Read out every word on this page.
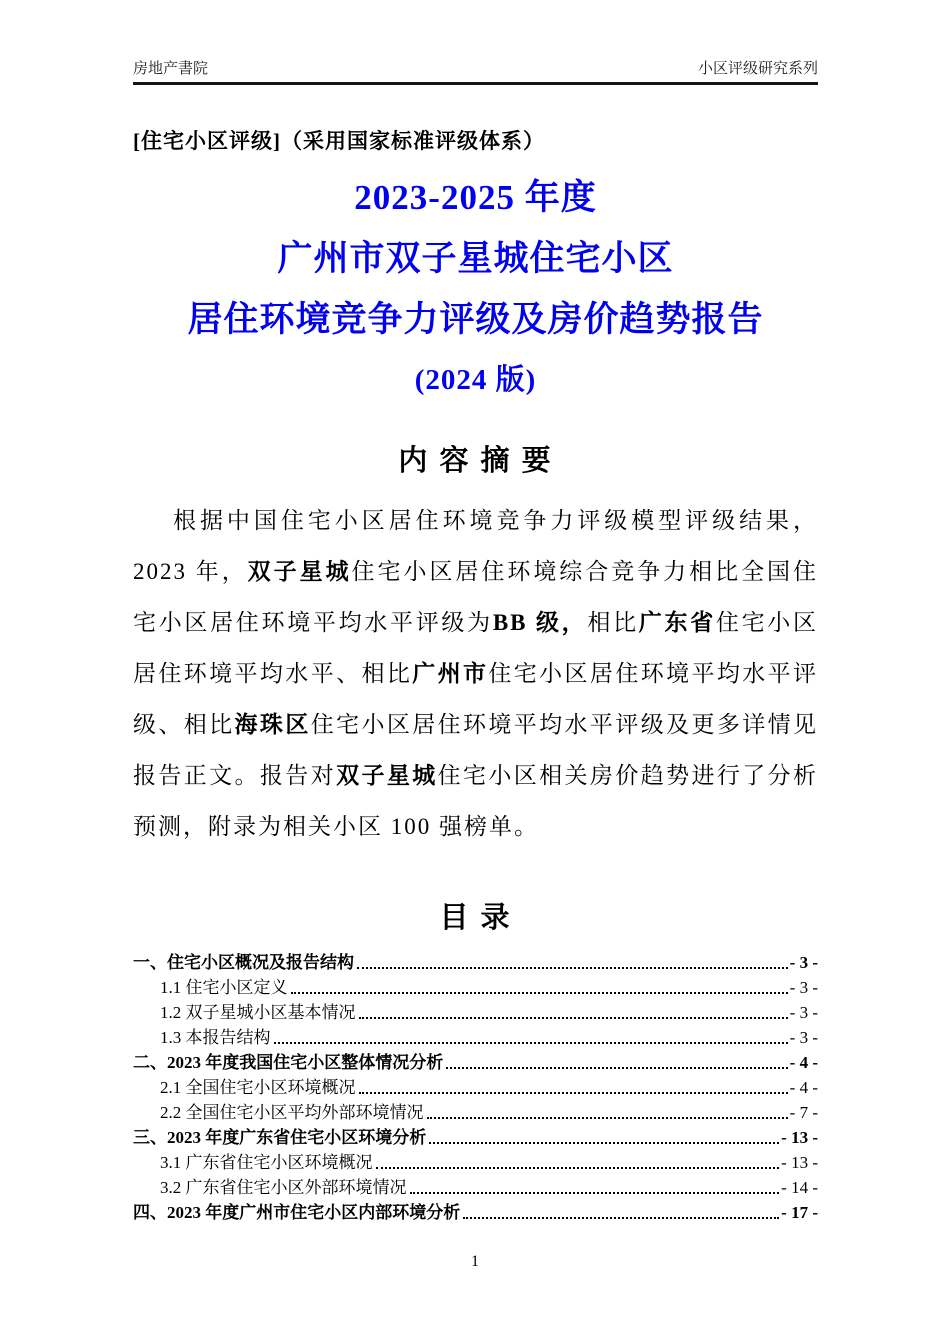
房地产書院	小区评级研究系列
[住宅小区评级]（采用国家标准评级体系）
2023-2025 年度
广州市双子星城住宅小区
居住环境竞争力评级及房价趋势报告
(2024 版)
内 容 摘 要

根据中国住宅小区居住环境竞争力评级模型评级结果，2023 年，双子星城住宅小区居住环境综合竞争力相比全国住宅小区居住环境平均水平评级为BB 级，相比广东省住宅小区居住环境平均水平、相比广州市住宅小区居住环境平均水平评级、相比海珠区住宅小区居住环境平均水平评级及更多详情见报告正文。报告对双子星城住宅小区相关房价趋势进行了分析预测，附录为相关小区 100 强榜单。

目 录
一、住宅小区概况及报告结构	- 3 -
1.1 住宅小区定义	- 3 -
1.2 双子星城小区基本情况	- 3 -
1.3 本报告结构	- 3 -
二、2023 年度我国住宅小区整体情况分析	- 4 -
2.1 全国住宅小区环境概况	- 4 -
2.2 全国住宅小区平均外部环境情况	- 7 -
三、2023 年度广东省住宅小区环境分析	- 13 -
3.1 广东省住宅小区环境概况	- 13 -
3.2 广东省住宅小区外部环境情况	- 14 -
四、2023 年度广州市住宅小区内部环境分析	- 17 -
1
